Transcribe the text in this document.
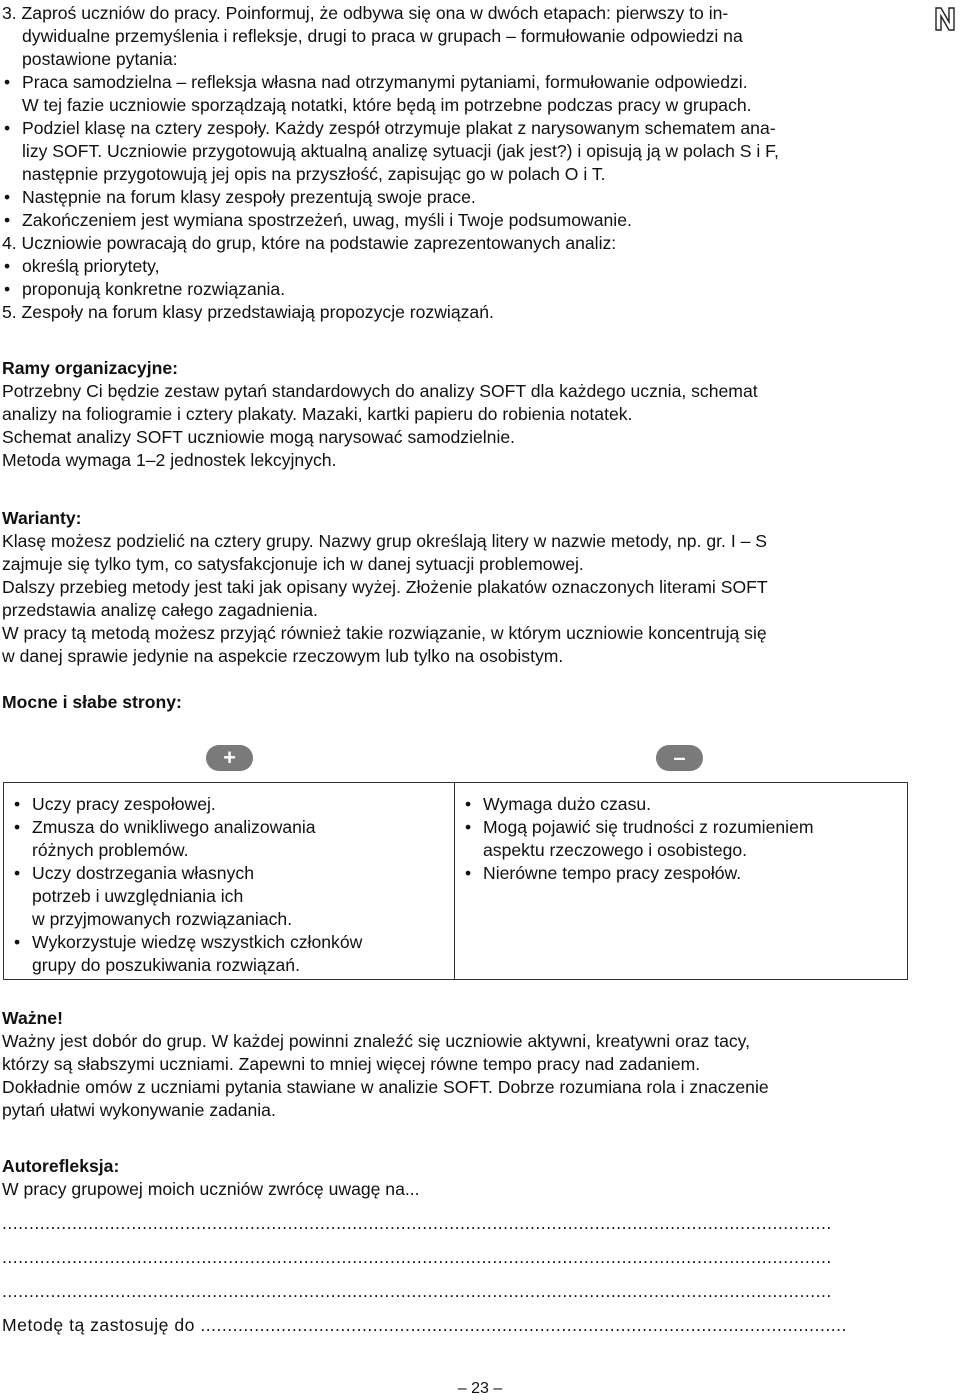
3. Zaproś uczniów do pracy. Poinformuj, że odbywa się ona w dwóch etapach: pierwszy to in-

dywidualne przemyślenia i refleksje, drugi to praca w grupach – formułowanie odpowiedzi na

postawione pytania:

• Praca samodzielna – refleksja własna nad otrzymanymi pytaniami, formułowanie odpowiedzi.

W tej fazie uczniowie sporządzają notatki, które będą im potrzebne podczas pracy w grupach.

• Podziel klasę na cztery zespoły. Każdy zespół otrzymuje plakat z narysowanym schematem ana-

lizy SOFT. Uczniowie przygotowują aktualną analizę sytuacji (jak jest?) i opisują ją w polach S i F,

następnie przygotowują jej opis na przyszłość, zapisując go w polach O i T.

• Następnie na forum klasy zespoły prezentują swoje prace.

• Zakończeniem jest wymiana spostrzeżeń, uwag, myśli i Twoje podsumowanie.

4. Uczniowie powracają do grup, które na podstawie zaprezentowanych analiz:

• określą priorytety,

• proponują konkretne rozwiązania.

5. Zespoły na forum klasy przedstawiają propozycje rozwiązań.

Ramy organizacyjne:

Potrzebny Ci będzie zestaw pytań standardowych do analizy SOFT dla każdego ucznia, schemat

analizy na foliogramie i cztery plakaty. Mazaki, kartki papieru do robienia notatek.

Schemat analizy SOFT uczniowie mogą narysować samodzielnie.

Metoda wymaga 1–2 jednostek lekcyjnych.

Warianty:

Klasę możesz podzielić na cztery grupy. Nazwy grup określają litery w nazwie metody, np. gr. I – S

zajmuje się tylko tym, co satysfakcjonuje ich w danej sytuacji problemowej.

Dalszy przebieg metody jest taki jak opisany wyżej. Złożenie plakatów oznaczonych literami SOFT

przedstawia analizę całego zagadnienia.

W pracy tą metodą możesz przyjąć również takie rozwiązanie, w którym uczniowie koncentrują się

w danej sprawie jedynie na aspekcie rzeczowym lub tylko na osobistym.

Mocne i słabe strony:

+	–

• Uczy pracy zespołowej.

• Zmusza do wnikliwego analizowania

różnych problemów.

• Uczy dostrzegania własnych

potrzeb i uwzględniania ich

w przyjmowanych rozwiązaniach.

• Wykorzystuje wiedzę wszystkich członków

grupy do poszukiwania rozwiązań.

• Wymaga dużo czasu.

• Mogą pojawić się trudności z rozumieniem

aspektu rzeczowego i osobistego.

• Nierówne tempo pracy zespołów.

Ważne!

Ważny jest dobór do grup. W każdej powinni znaleźć się uczniowie aktywni, kreatywni oraz tacy,

którzy są słabszymi uczniami. Zapewni to mniej więcej równe tempo pracy nad zadaniem.

Dokładnie omów z uczniami pytania stawiane w analizie SOFT. Dobrze rozumiana rola i znaczenie

pytań ułatwi wykonywanie zadania.

Autorefleksja:

W pracy grupowej moich uczniów zwrócę uwagę na...

..........................................................................................................................................................

..........................................................................................................................................................

..........................................................................................................................................................

Metodę tą zastosuję do ........................................................................................................................

– 23 –
